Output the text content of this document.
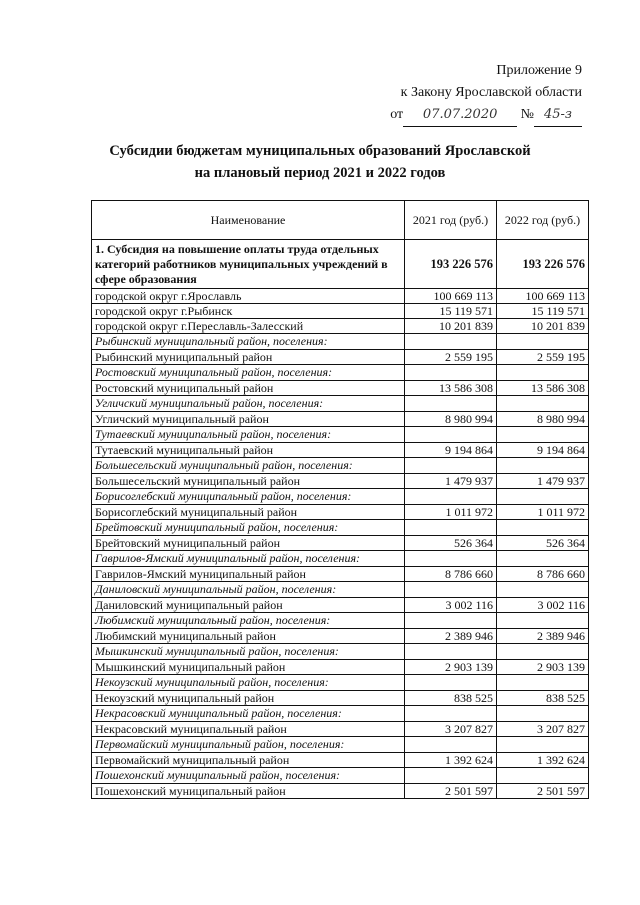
Приложение 9
к Закону Ярославской области
от 07.07.2020 № 45-з
Субсидии бюджетам муниципальных образований Ярославской
на плановый период 2021 и 2022 годов
Наименование	2021 год (руб.)	2022 год (руб.)
1. Субсидия на повышение оплаты труда отдельных категорий работников муниципальных учреждений в сфере образования	193 226 576	193 226 576
городской округ г.Ярославль	100 669 113	100 669 113
городской округ г.Рыбинск	15 119 571	15 119 571
городской округ г.Переславль-Залесский	10 201 839	10 201 839
Рыбинский муниципальный район, поселения:		
Рыбинский муниципальный район	2 559 195	2 559 195
Ростовский муниципальный район, поселения:		
Ростовский муниципальный район	13 586 308	13 586 308
Угличский муниципальный район, поселения:		
Угличский муниципальный район	8 980 994	8 980 994
Тутаевский муниципальный район, поселения:		
Тутаевский муниципальный район	9 194 864	9 194 864
Большесельский муниципальный район, поселения:		
Большесельский муниципальный район	1 479 937	1 479 937
Борисоглебский муниципальный район, поселения:		
Борисоглебский муниципальный район	1 011 972	1 011 972
Брейтовский муниципальный район, поселения:		
Брейтовский муниципальный район	526 364	526 364
Гаврилов-Ямский муниципальный район, поселения:		
Гаврилов-Ямский муниципальный район	8 786 660	8 786 660
Даниловский муниципальный район, поселения:		
Даниловский муниципальный район	3 002 116	3 002 116
Любимский муниципальный район, поселения:		
Любимский муниципальный район	2 389 946	2 389 946
Мышкинский муниципальный район, поселения:		
Мышкинский муниципальный район	2 903 139	2 903 139
Некоузский муниципальный район, поселения:		
Некоузский муниципальный район	838 525	838 525
Некрасовский муниципальный район, поселения:		
Некрасовский муниципальный район	3 207 827	3 207 827
Первомайский муниципальный район, поселения:		
Первомайский муниципальный район	1 392 624	1 392 624
Пошехонский муниципальный район, поселения:		
Пошехонский муниципальный район	2 501 597	2 501 597
